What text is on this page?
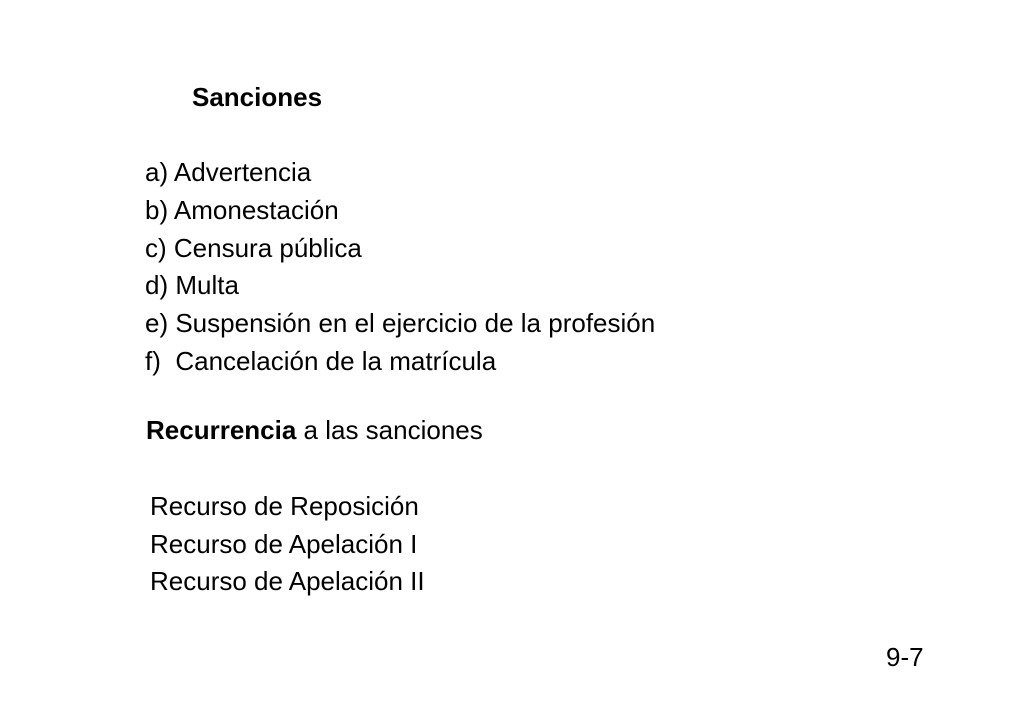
Sanciones
a) Advertencia
b) Amonestación
c) Censura pública
d) Multa
e) Suspensión en el ejercicio de la profesión
f)  Cancelación de la matrícula
Recurrencia a las sanciones
Recurso de Reposición
Recurso de Apelación I
Recurso de Apelación II
9-7
